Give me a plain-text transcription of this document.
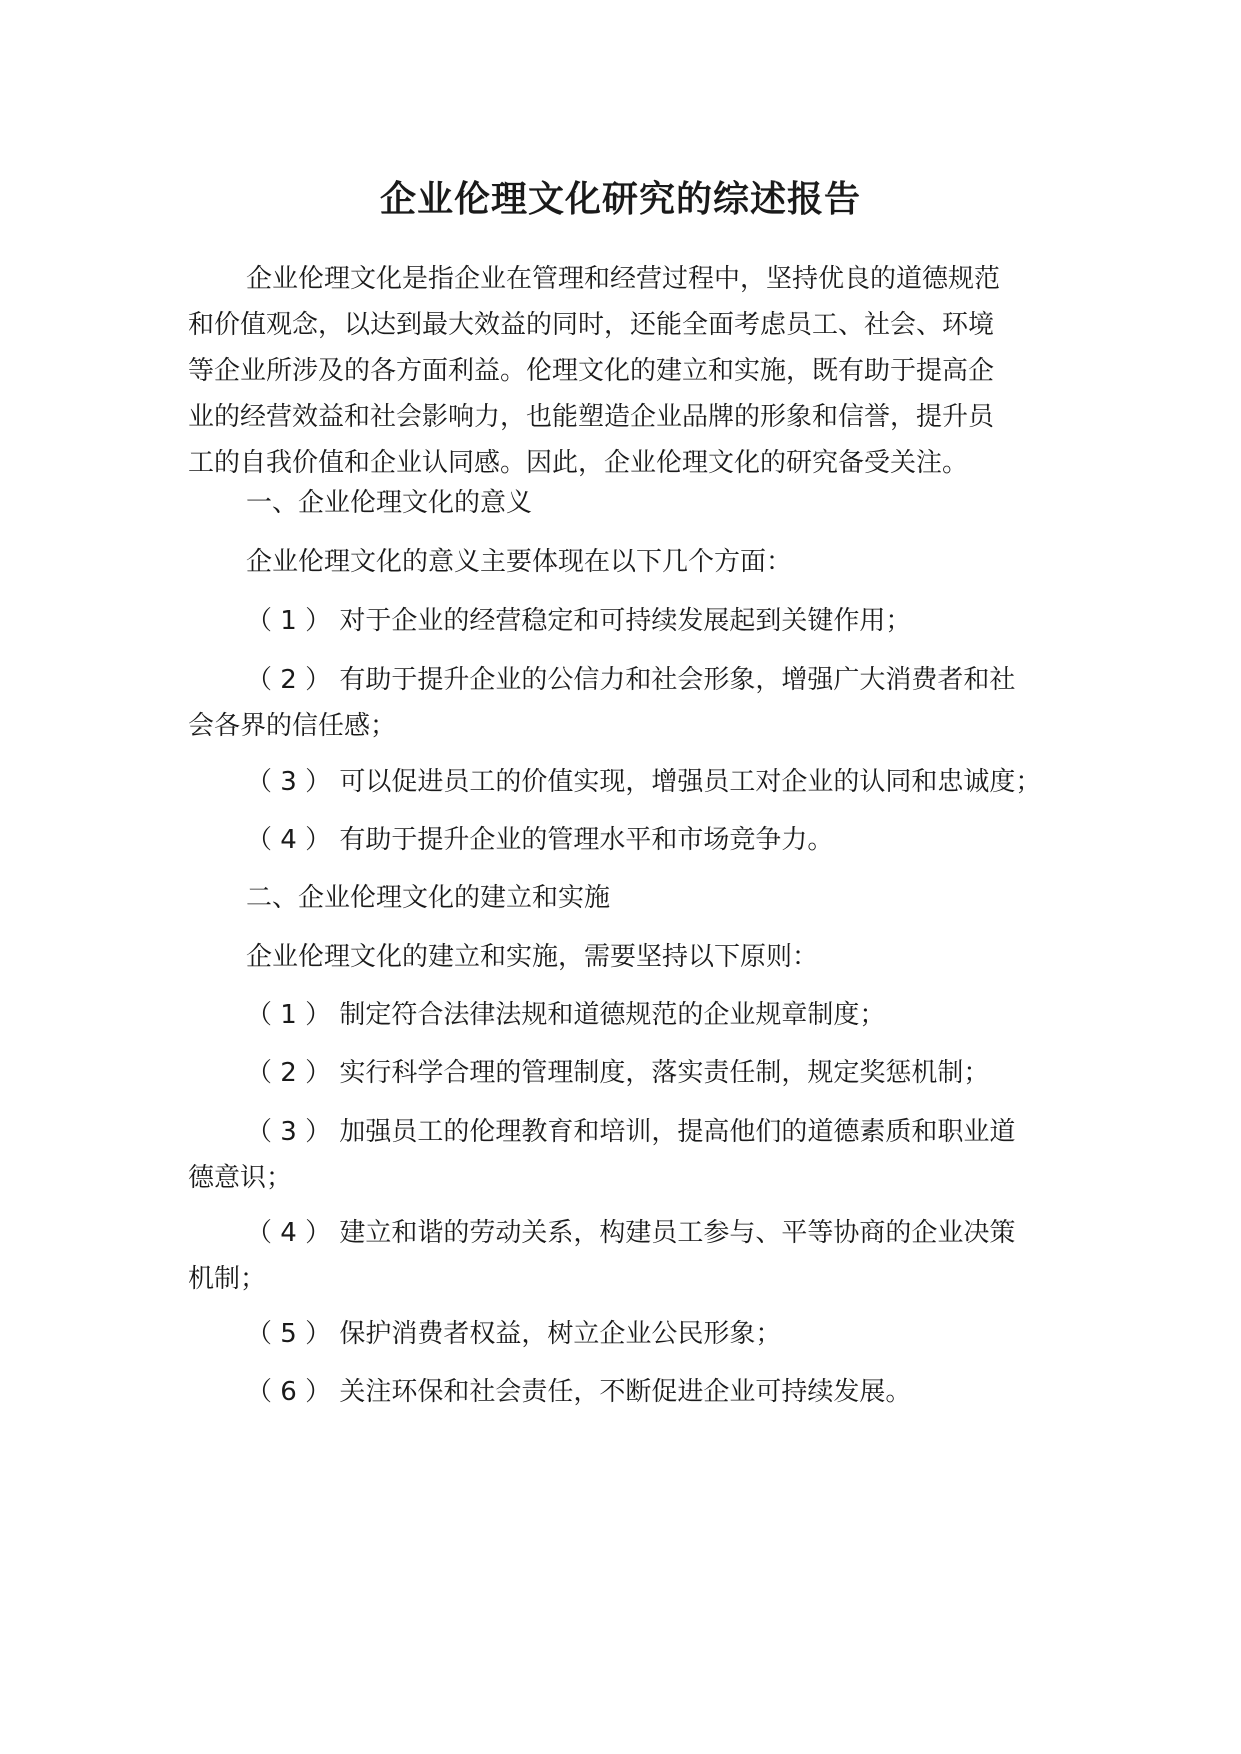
企业伦理文化研究的综述报告
企业伦理文化是指企业在管理和经营过程中，坚持优良的道德规范
和价值观念，以达到最大效益的同时，还能全面考虑员工、社会、环境
等企业所涉及的各方面利益。伦理文化的建立和实施，既有助于提高企
业的经营效益和社会影响力，也能塑造企业品牌的形象和信誉，提升员
工的自我价值和企业认同感。因此，企业伦理文化的研究备受关注。
一、企业伦理文化的意义
企业伦理文化的意义主要体现在以下几个方面：
（ 1 ） 对于企业的经营稳定和可持续发展起到关键作用；
（ 2 ） 有助于提升企业的公信力和社会形象，增强广大消费者和社
会各界的信任感；
（ 3 ） 可以促进员工的价值实现，增强员工对企业的认同和忠诚度；
（ 4 ） 有助于提升企业的管理水平和市场竞争力。
二、企业伦理文化的建立和实施
企业伦理文化的建立和实施，需要坚持以下原则：
（ 1 ） 制定符合法律法规和道德规范的企业规章制度；
（ 2 ） 实行科学合理的管理制度，落实责任制，规定奖惩机制；
（ 3 ） 加强员工的伦理教育和培训，提高他们的道德素质和职业道
德意识；
（ 4 ） 建立和谐的劳动关系，构建员工参与、平等协商的企业决策
机制；
（ 5 ） 保护消费者权益，树立企业公民形象；
（ 6 ） 关注环保和社会责任，不断促进企业可持续发展。
